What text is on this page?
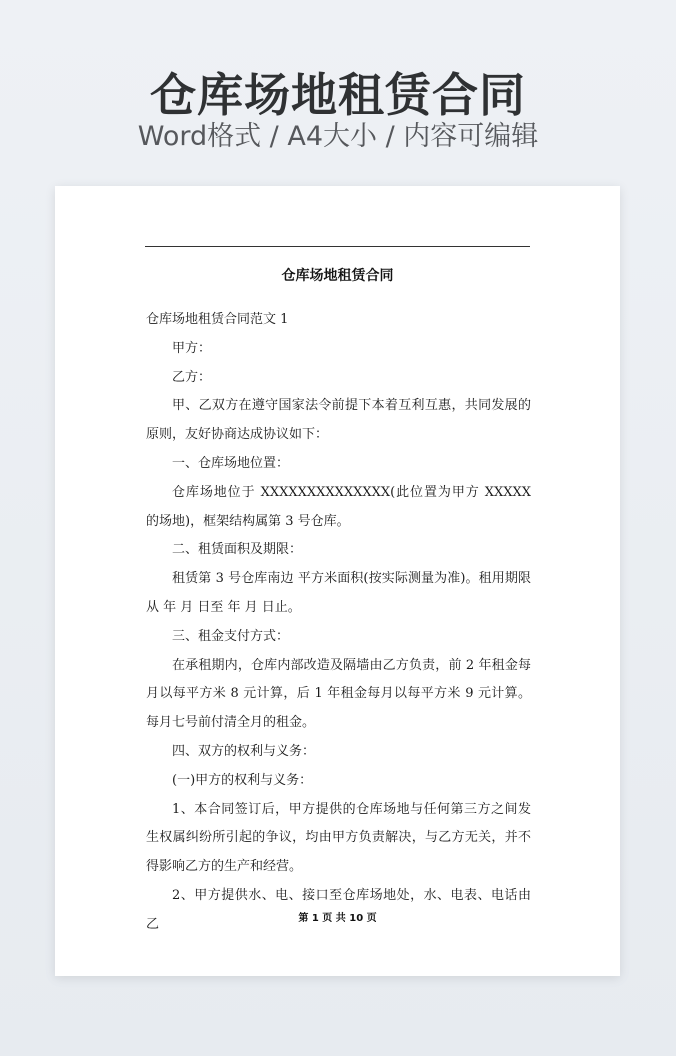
仓库场地租赁合同
Word格式 / A4大小 / 内容可编辑
仓库场地租赁合同

仓库场地租赁合同范文 1

甲方：

乙方：

甲、乙双方在遵守国家法令前提下本着互利互惠，共同发展的原则，友好协商达成协议如下：

一、仓库场地位置：

仓库场地位于 XXXXXXXXXXXXXX(此位置为甲方 XXXXX 的场地)，框架结构属第 3 号仓库。

二、租赁面积及期限：

租赁第 3 号仓库南边 平方米面积(按实际测量为准)。租用期限从 年 月 日至 年 月 日止。

三、租金支付方式：

在承租期内，仓库内部改造及隔墙由乙方负责，前 2 年租金每月以每平方米 8 元计算，后 1 年租金每月以每平方米 9 元计算。每月七号前付清全月的租金。

四、双方的权利与义务：

(一)甲方的权利与义务：

1、本合同签订后，甲方提供的仓库场地与任何第三方之间发生权属纠纷所引起的争议，均由甲方负责解决，与乙方无关，并不得影响乙方的生产和经营。

2、甲方提供水、电、接口至仓库场地处，水、电表、电话由乙	第 1 页 共 10 页
